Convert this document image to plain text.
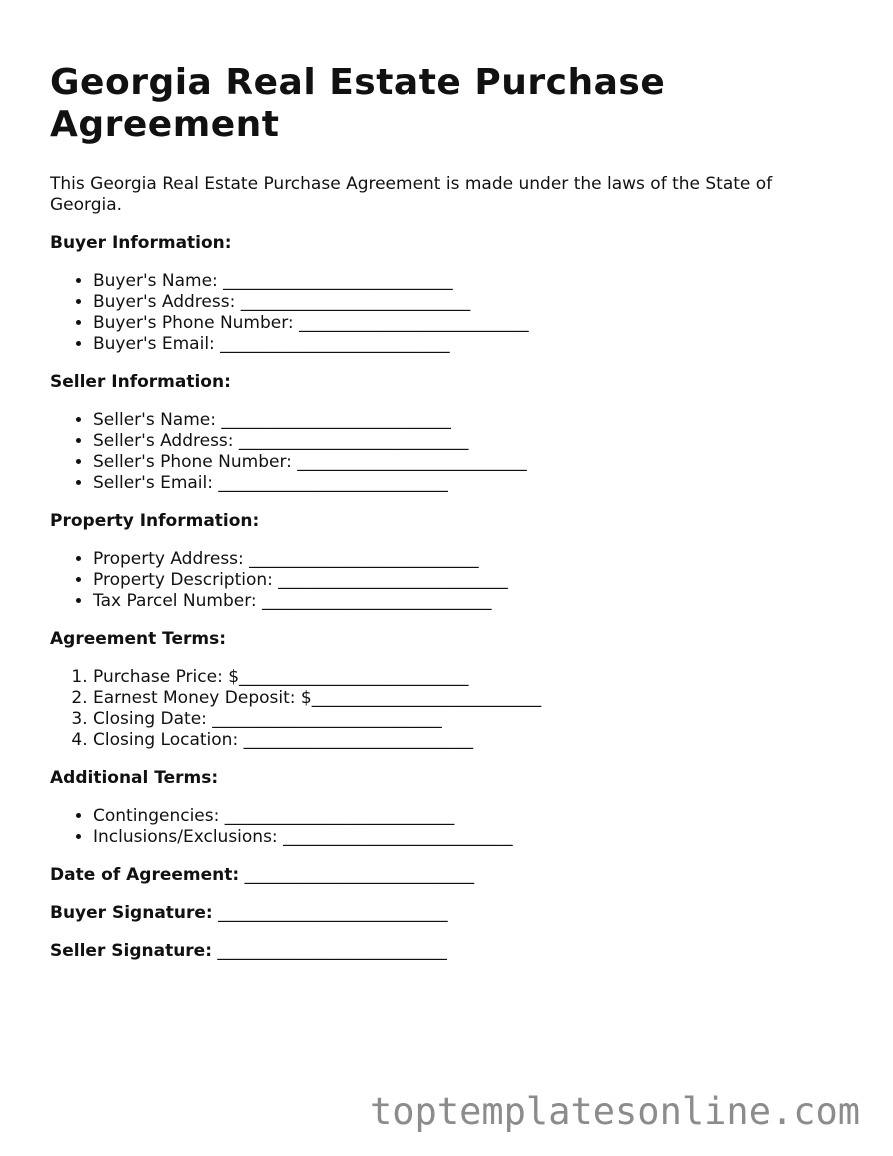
Georgia Real Estate Purchase Agreement

This Georgia Real Estate Purchase Agreement is made under the laws of the State of Georgia.

Buyer Information:
• Buyer's Name: ___________________________
• Buyer's Address: ___________________________
• Buyer's Phone Number: ___________________________
• Buyer's Email: ___________________________
Seller Information:
• Seller's Name: ___________________________
• Seller's Address: ___________________________
• Seller's Phone Number: ___________________________
• Seller's Email: ___________________________
Property Information:
• Property Address: ___________________________
• Property Description: ___________________________
• Tax Parcel Number: ___________________________
Agreement Terms:
1. Purchase Price: $___________________________
2. Earnest Money Deposit: $___________________________
3. Closing Date: ___________________________
4. Closing Location: ___________________________
Additional Terms:
• Contingencies: ___________________________
• Inclusions/Exclusions: ___________________________
Date of Agreement: ___________________________
Buyer Signature: ___________________________
Seller Signature: ___________________________
toptemplatesonline.com
